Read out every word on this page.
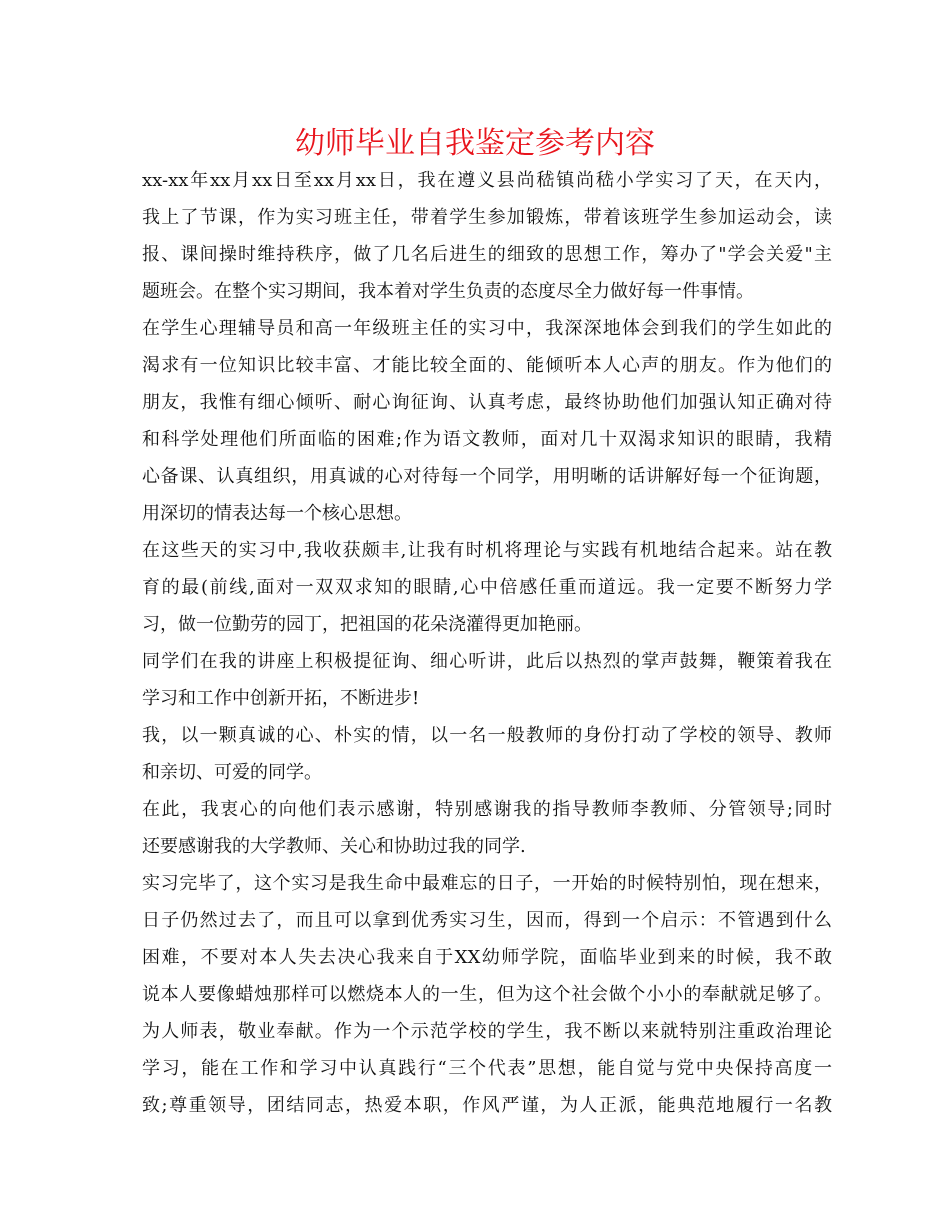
幼师毕业自我鉴定参考内容
xx-xx年xx月xx日至xx月xx日，我在遵义县尚嵇镇尚嵇小学实习了天，在天内，
我上了节课，作为实习班主任，带着学生参加锻炼，带着该班学生参加运动会，读
报、课间操时维持秩序，做了几名后进生的细致的思想工作，筹办了"学会关爱"主
题班会。在整个实习期间，我本着对学生负责的态度尽全力做好每一件事情。
在学生心理辅导员和高一年级班主任的实习中，我深深地体会到我们的学生如此的
渴求有一位知识比较丰富、才能比较全面的、能倾听本人心声的朋友。作为他们的
朋友，我惟有细心倾听、耐心询征询、认真考虑，最终协助他们加强认知正确对待
和科学处理他们所面临的困难;作为语文教师，面对几十双渴求知识的眼睛，我精
心备课、认真组织，用真诚的心对待每一个同学，用明晰的话讲解好每一个征询题，
用深切的情表达每一个核心思想。
在这些天的实习中,我收获颇丰,让我有时机将理论与实践有机地结合起来。站在教
育的最(前线,面对一双双求知的眼睛,心中倍感任重而道远。我一定要不断努力学
习，做一位勤劳的园丁，把祖国的花朵浇灌得更加艳丽。
同学们在我的讲座上积极提征询、细心听讲，此后以热烈的掌声鼓舞，鞭策着我在
学习和工作中创新开拓，不断进步!
我，以一颗真诚的心、朴实的情，以一名一般教师的身份打动了学校的领导、教师
和亲切、可爱的同学。
在此，我衷心的向他们表示感谢，特别感谢我的指导教师李教师、分管领导;同时
还要感谢我的大学教师、关心和协助过我的同学.
实习完毕了，这个实习是我生命中最难忘的日子，一开始的时候特别怕，现在想来，
日子仍然过去了，而且可以拿到优秀实习生，因而，得到一个启示：不管遇到什么
困难，不要对本人失去决心我来自于XX幼师学院，面临毕业到来的时候，我不敢
说本人要像蜡烛那样可以燃烧本人的一生，但为这个社会做个小小的奉献就足够了。
为人师表，敬业奉献。作为一个示范学校的学生，我不断以来就特别注重政治理论
学习，能在工作和学习中认真践行“三个代表”思想，能自觉与党中央保持高度一
致;尊重领导，团结同志，热爱本职，作风严谨，为人正派，能典范地履行一名教
